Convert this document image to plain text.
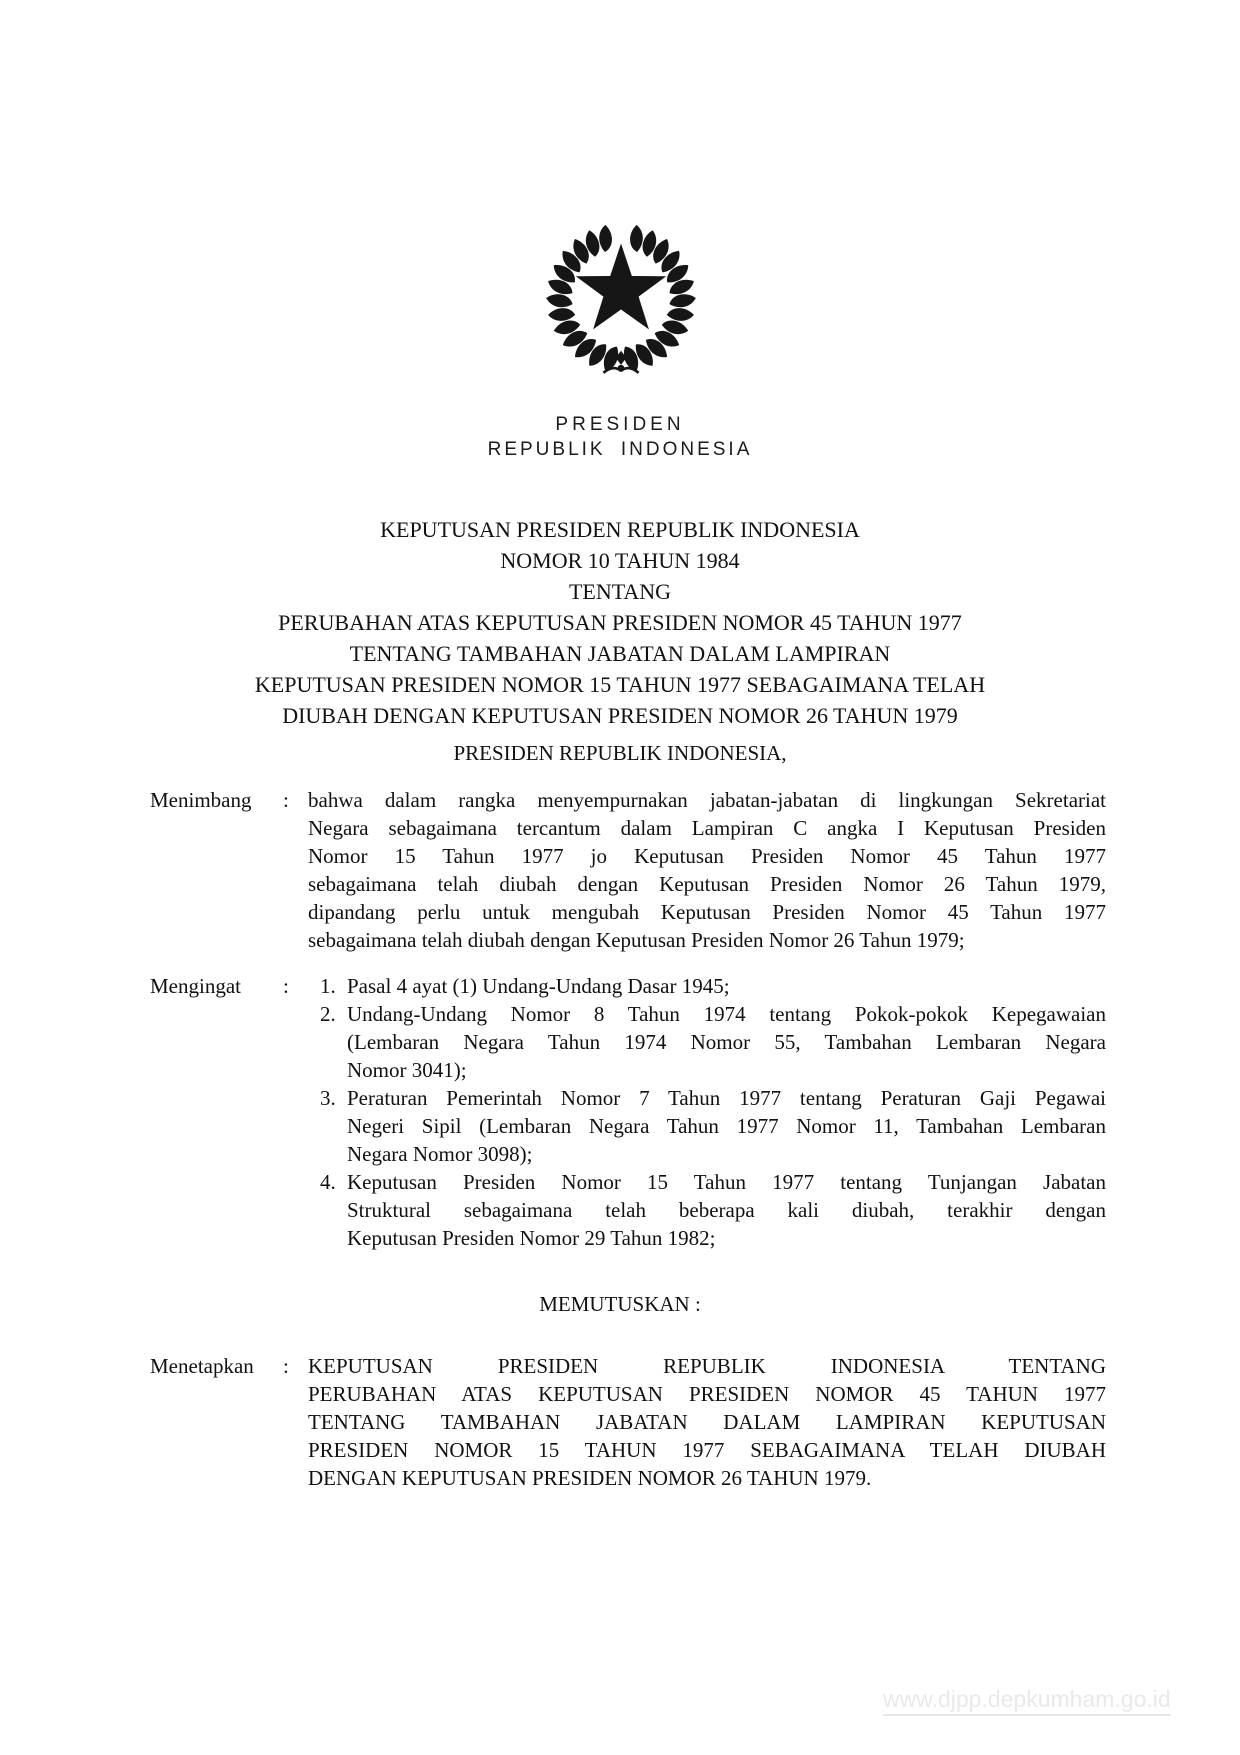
PRESIDEN
REPUBLIK INDONESIA
KEPUTUSAN PRESIDEN REPUBLIK INDONESIA
NOMOR 10 TAHUN 1984
TENTANG
PERUBAHAN ATAS KEPUTUSAN PRESIDEN NOMOR 45 TAHUN 1977
TENTANG TAMBAHAN JABATAN DALAM LAMPIRAN
KEPUTUSAN PRESIDEN NOMOR 15 TAHUN 1977 SEBAGAIMANA TELAH
DIUBAH DENGAN KEPUTUSAN PRESIDEN NOMOR 26 TAHUN 1979
PRESIDEN REPUBLIK INDONESIA,
Menimbang	: bahwa dalam rangka menyempurnakan jabatan-jabatan di lingkungan Sekretariat
Negara sebagaimana tercantum dalam Lampiran C angka I Keputusan Presiden
Nomor 15 Tahun 1977 jo Keputusan Presiden Nomor 45 Tahun 1977
sebagaimana telah diubah dengan Keputusan Presiden Nomor 26 Tahun 1979,
dipandang perlu untuk mengubah Keputusan Presiden Nomor 45 Tahun 1977
sebagaimana telah diubah dengan Keputusan Presiden Nomor 26 Tahun 1979;
Mengingat	:	1. Pasal 4 ayat (1) Undang-Undang Dasar 1945;
2. Undang-Undang Nomor 8 Tahun 1974 tentang Pokok-pokok Kepegawaian
(Lembaran Negara Tahun 1974 Nomor 55, Tambahan Lembaran Negara
Nomor 3041);
3. Peraturan Pemerintah Nomor 7 Tahun 1977 tentang Peraturan Gaji Pegawai
Negeri Sipil (Lembaran Negara Tahun 1977 Nomor 11, Tambahan Lembaran
Negara Nomor 3098);
4. Keputusan Presiden Nomor 15 Tahun 1977 tentang Tunjangan Jabatan
Struktural sebagaimana telah beberapa kali diubah, terakhir dengan
Keputusan Presiden Nomor 29 Tahun 1982;
MEMUTUSKAN :
Menetapkan	: KEPUTUSAN PRESIDEN REPUBLIK INDONESIA TENTANG
PERUBAHAN ATAS KEPUTUSAN PRESIDEN NOMOR 45 TAHUN 1977
TENTANG TAMBAHAN JABATAN DALAM LAMPIRAN KEPUTUSAN
PRESIDEN NOMOR 15 TAHUN 1977 SEBAGAIMANA TELAH DIUBAH
DENGAN KEPUTUSAN PRESIDEN NOMOR 26 TAHUN 1979.
www.djpp.depkumham.go.id
